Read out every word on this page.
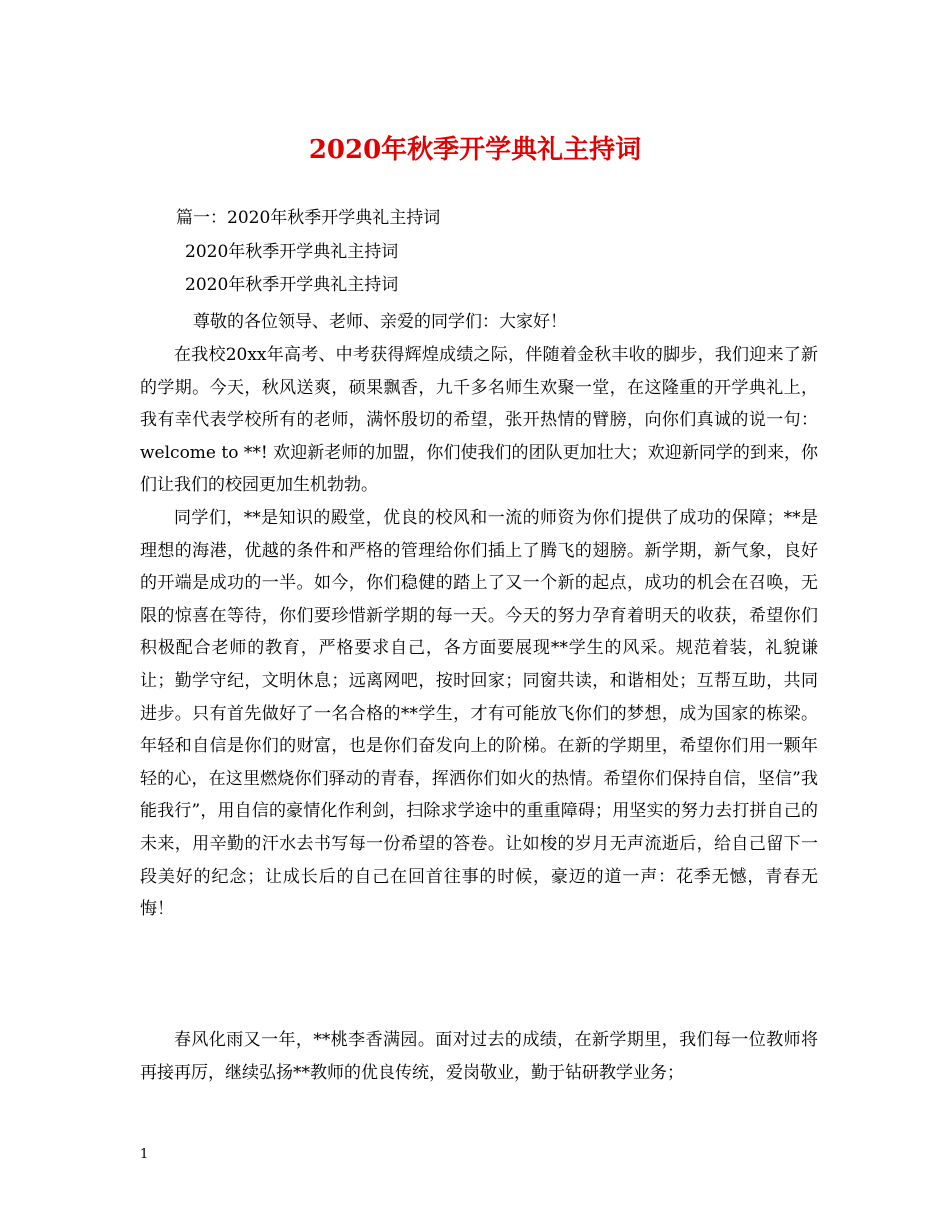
2020年秋季开学典礼主持词
篇一：2020年秋季开学典礼主持词
2020年秋季开学典礼主持词
2020年秋季开学典礼主持词
尊敬的各位领导、老师、亲爱的同学们：大家好！
在我校20xx年高考、中考获得辉煌成绩之际，伴随着金秋丰收的脚步，我们迎来了新的学期。今天，秋风送爽，硕果飘香，九千多名师生欢聚一堂，在这隆重的开学典礼上，我有幸代表学校所有的老师，满怀殷切的希望，张开热情的臂膀，向你们真诚的说一句：welcome to **! 欢迎新老师的加盟，你们使我们的团队更加壮大；欢迎新同学的到来，你们让我们的校园更加生机勃勃。
同学们，**是知识的殿堂，优良的校风和一流的师资为你们提供了成功的保障；**是理想的海港，优越的条件和严格的管理给你们插上了腾飞的翅膀。新学期，新气象，良好的开端是成功的一半。如今，你们稳健的踏上了又一个新的起点，成功的机会在召唤，无限的惊喜在等待，你们要珍惜新学期的每一天。今天的努力孕育着明天的收获，希望你们积极配合老师的教育，严格要求自己，各方面要展现**学生的风采。规范着装，礼貌谦让；勤学守纪，文明休息；远离网吧，按时回家；同窗共读，和谐相处；互帮互助，共同进步。只有首先做好了一名合格的**学生，才有可能放飞你们的梦想，成为国家的栋梁。年轻和自信是你们的财富，也是你们奋发向上的阶梯。在新的学期里，希望你们用一颗年轻的心，在这里燃烧你们驿动的青春，挥洒你们如火的热情。希望你们保持自信，坚信”我能我行”，用自信的豪情化作利剑，扫除求学途中的重重障碍；用坚实的努力去打拼自己的未来，用辛勤的汗水去书写每一份希望的答卷。让如梭的岁月无声流逝后，给自己留下一段美好的纪念；让成长后的自己在回首往事的时候，豪迈的道一声：花季无憾，青春无悔！
春风化雨又一年，**桃李香满园。面对过去的成绩，在新学期里，我们每一位教师将再接再厉，继续弘扬**教师的优良传统，爱岗敬业，勤于钻研教学业务；
1
